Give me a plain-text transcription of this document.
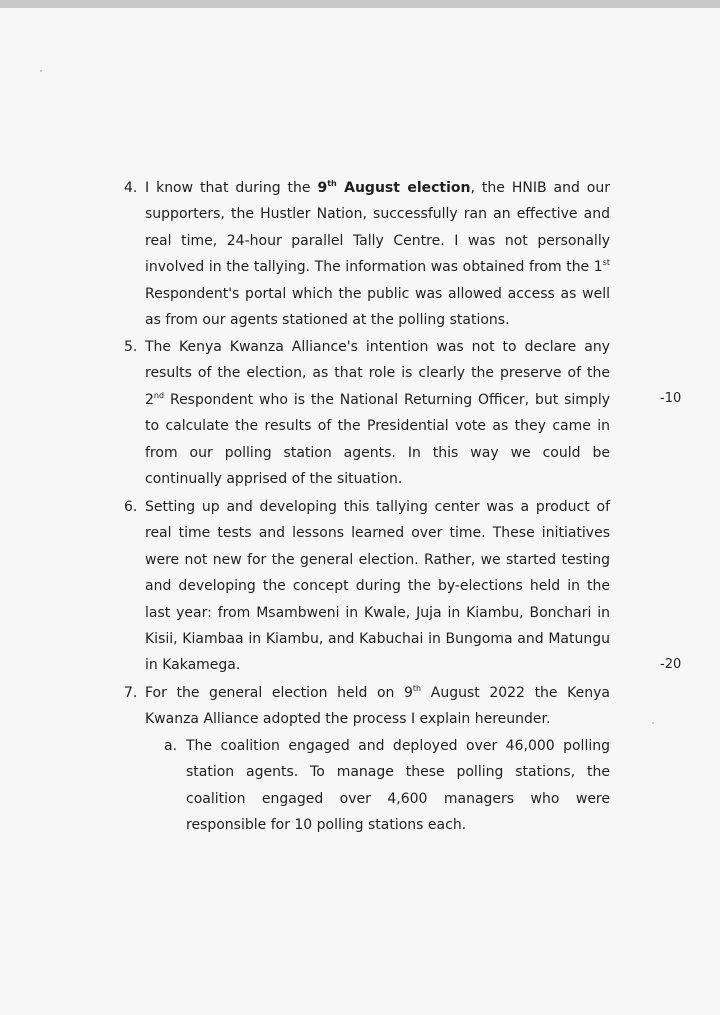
4. I know that during the 9th August election, the HNIB and our supporters, the Hustler Nation, successfully ran an effective and real time, 24-hour parallel Tally Centre. I was not personally involved in the tallying. The information was obtained from the 1st Respondent's portal which the public was allowed access as well as from our agents stationed at the polling stations.
5. The Kenya Kwanza Alliance's intention was not to declare any results of the election, as that role is clearly the preserve of the 2nd Respondent who is the National Returning Officer, but simply to calculate the results of the Presidential vote as they came in from our polling station agents. In this way we could be continually apprised of the situation.
-10
6. Setting up and developing this tallying center was a product of real time tests and lessons learned over time. These initiatives were not new for the general election. Rather, we started testing and developing the concept during the by-elections held in the last year: from Msambweni in Kwale, Juja in Kiambu, Bonchari in Kisii, Kiambaa in Kiambu, and Kabuchai in Bungoma and Matungu in Kakamega.	-20
7. For the general election held on 9th August 2022 the Kenya Kwanza Alliance adopted the process I explain hereunder.
a. The coalition engaged and deployed over 46,000 polling station agents. To manage these polling stations, the coalition engaged over 4,600 managers who were responsible for 10 polling stations each.
